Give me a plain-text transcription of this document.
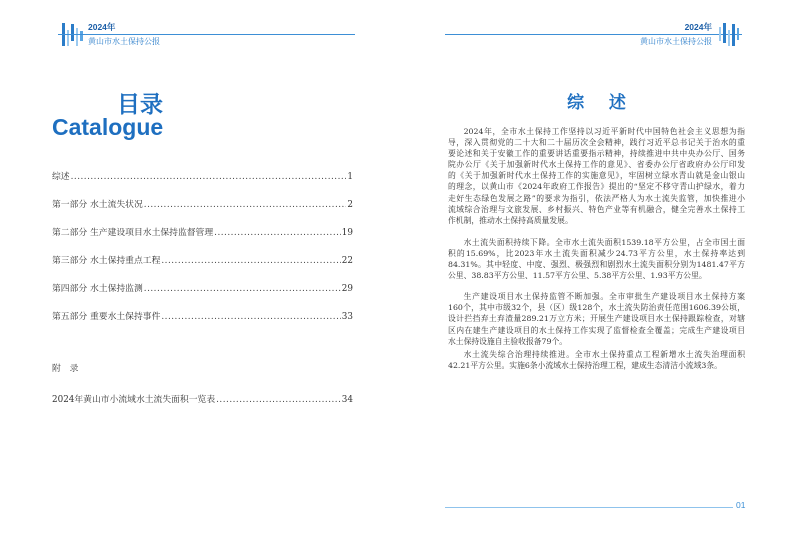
2024年
黄山市水土保持公报
目录
Catalogue
综述 .....	1
第一部分 水土流失状况 .....	2
第二部分 生产建设项目水土保持监督管理 .....	19
第三部分 水土保持重点工程 .....	22
第四部分 水土保持监测 .....	29
第五部分 重要水土保持事件 .....	33
附 录
2024年黄山市小流域水土流失面积一览表 .....	34
2024年
黄山市水土保持公报
综 述
2024年，全市水土保持工作坚持以习近平新时代中国特色社会主义思想为指
导，深入贯彻党的二十大和二十届历次全会精神，践行习近平总书记关于治水的重
要论述和关于安徽工作的重要讲话重要指示精神，持续推进中共中央办公厅、国务
院办公厅《关于加强新时代水土保持工作的意见》、省委办公厅省政府办公厅印发
的《关于加强新时代水土保持工作的实施意见》，牢固树立绿水青山就是金山银山
的理念，以黄山市《2024年政府工作报告》提出的“坚定不移守青山护绿水，着力
走好生态绿色发展之路”的要求为指引，依法严格人为水土流失监管，加快推进小
流域综合治理与文旅发展、乡村振兴、特色产业等有机融合，健全完善水土保持工
作机制，推动水土保持高质量发展。
水土流失面积持续下降。全市水土流失面积1539.18平方公里，占全市国土面
积的15.69%，比2023年水土流失面积减少24.73平方公里，水土保持率达到
84.31%。其中轻度、中度、强烈、极强烈和剧烈水土流失面积分别为1481.47平方
公里、38.83平方公里、11.57平方公里、5.38平方公里、1.93平方公里。
生产建设项目水土保持监管不断加强。全市审批生产建设项目水土保持方案
160个，其中市级32个，县（区）级128个，水土流失防治责任范围1606.39公顷，
设计拦挡弃土弃渣量289.21万立方米；开展生产建设项目水土保持跟踪检查，对辖
区内在建生产建设项目的水土保持工作实现了监督检查全覆盖；完成生产建设项目
水土保持设施自主验收报备79个。
水土流失综合治理持续推进。全市水土保持重点工程新增水土流失治理面积
42.21平方公里。实施6条小流域水土保持治理工程，建成生态清洁小流域3条。
01
